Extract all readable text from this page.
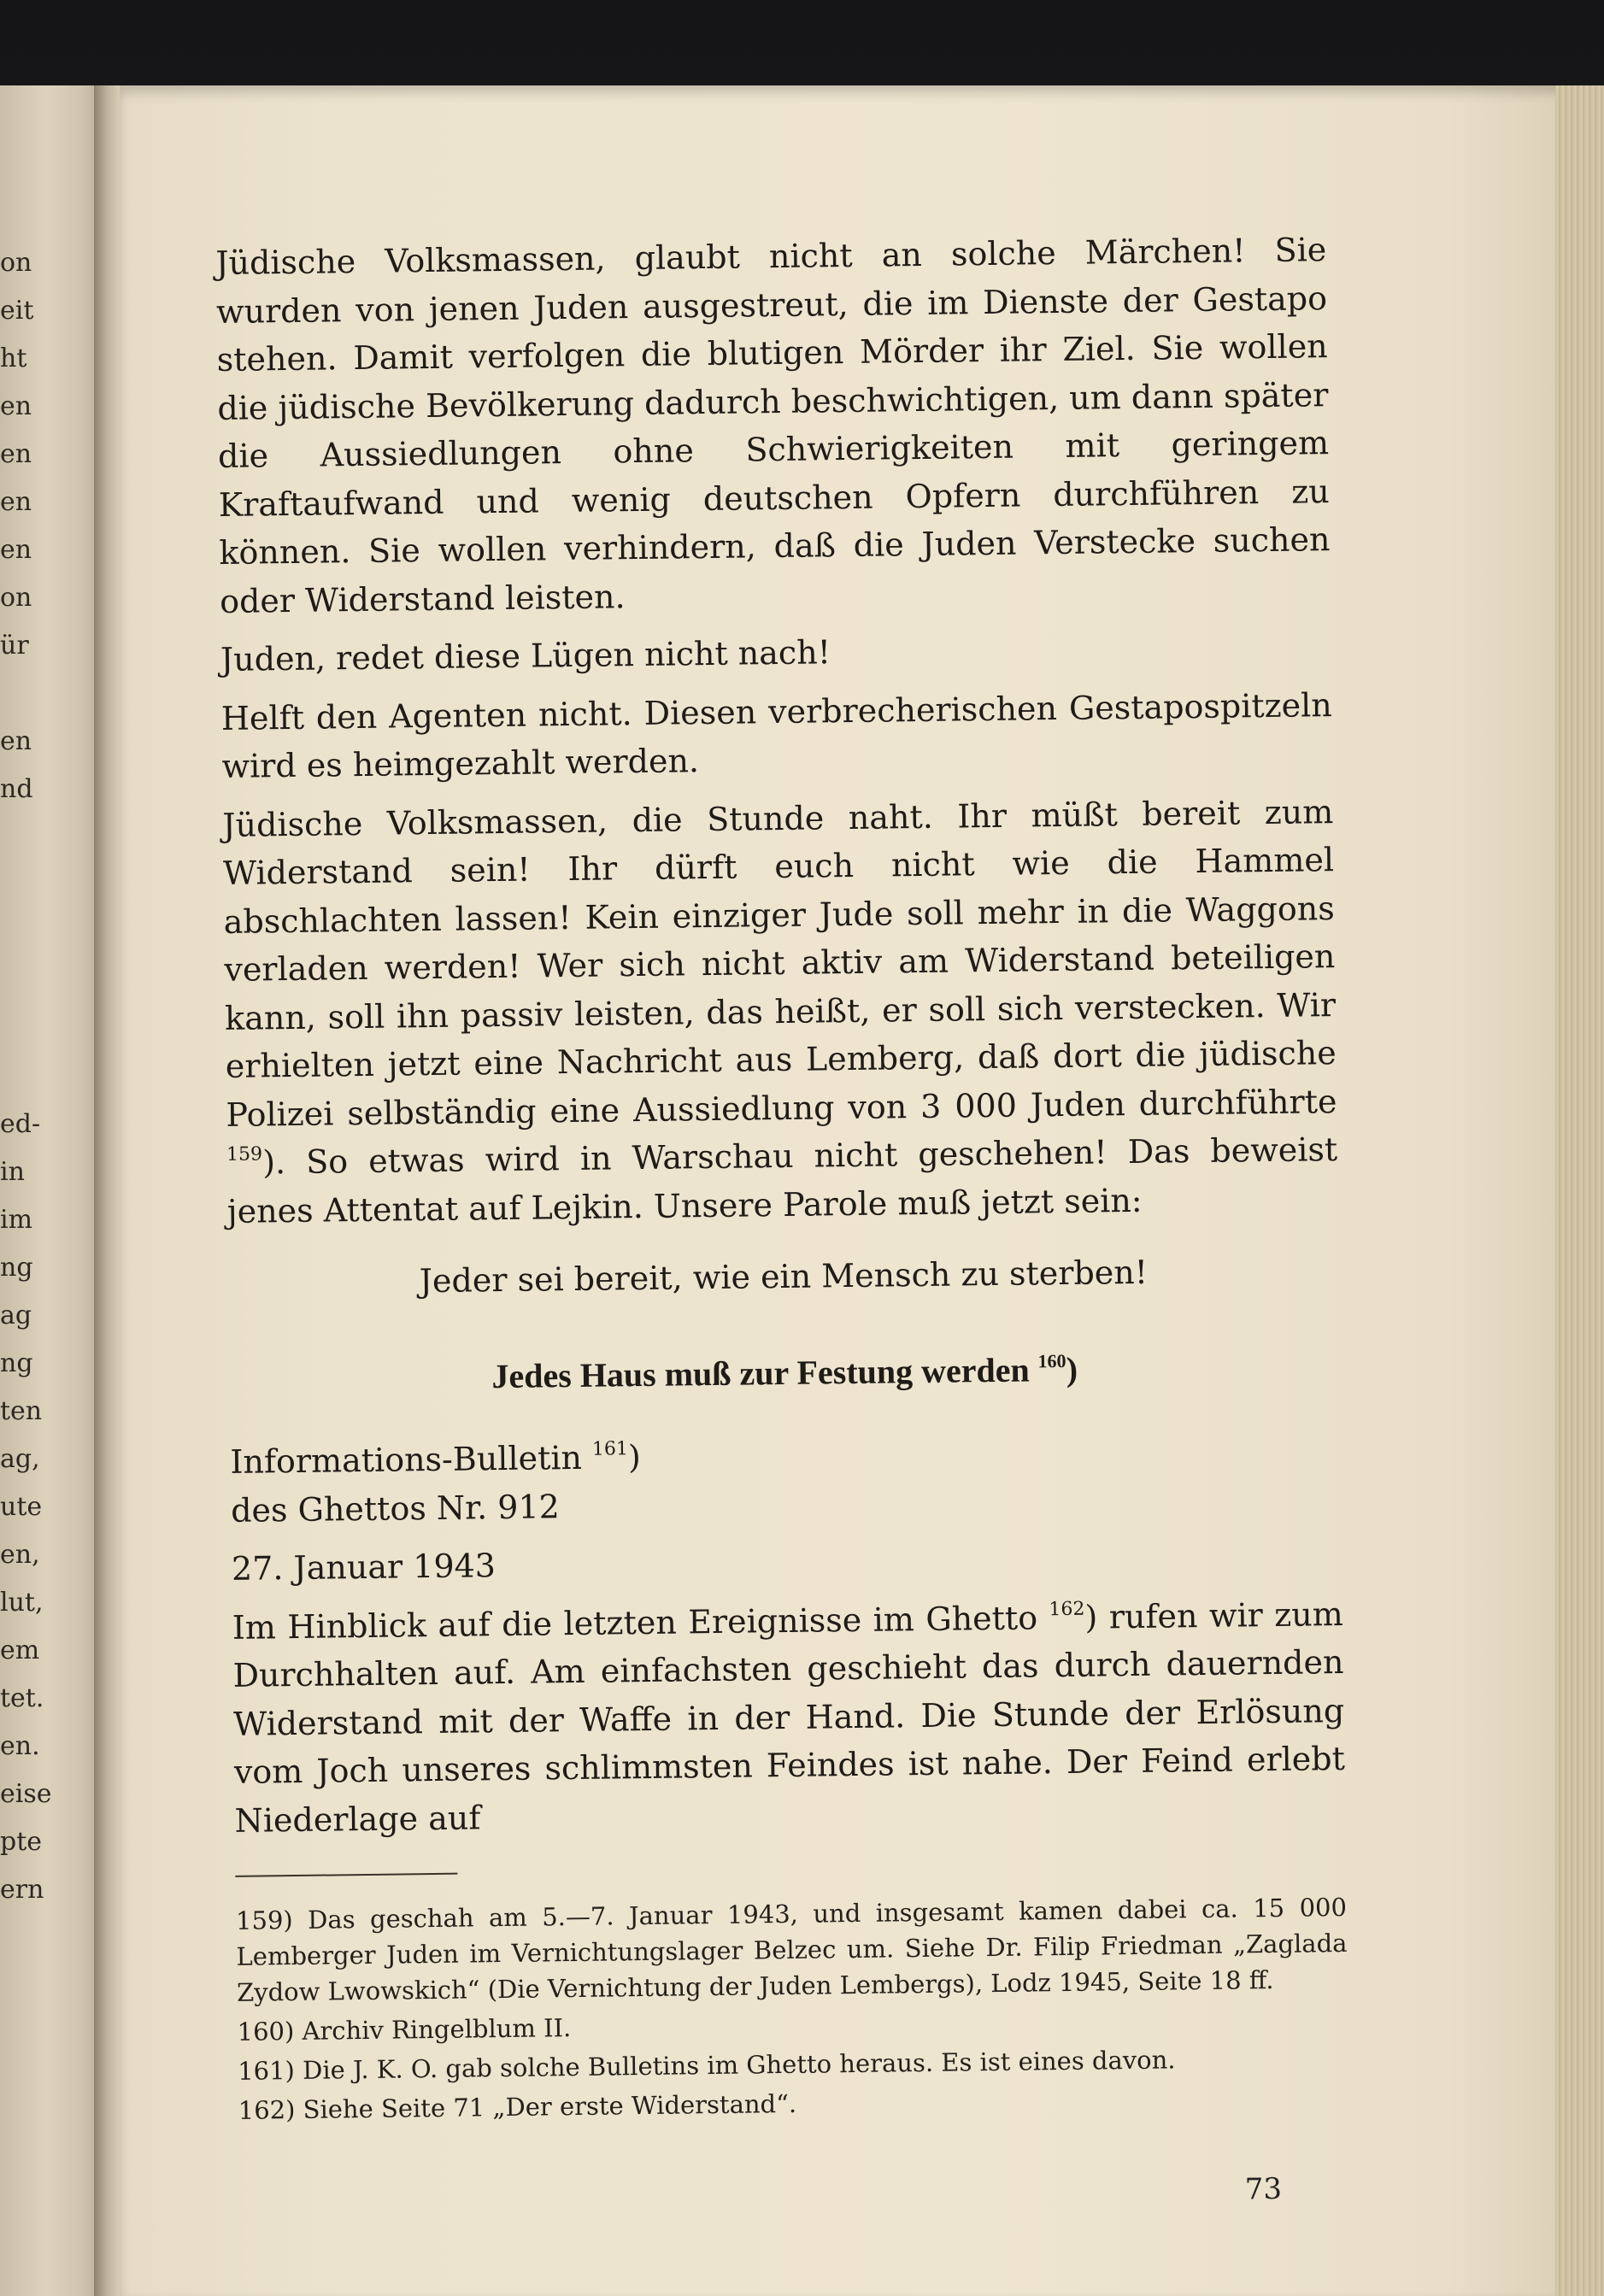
on
eit
ht
en
en
en
en
on
ür
en
nd
ed-
in
im
ng
ag
ng
ten
ag,
ute
en,
lut,
em
tet.
en.
eise
pte
ern

Jüdische Volksmassen, glaubt nicht an solche Märchen! Sie wurden von jenen Juden ausgestreut, die im Dienste der Gestapo stehen. Damit verfolgen die blutigen Mörder ihr Ziel. Sie wollen die jüdische Bevölkerung dadurch beschwichtigen, um dann später die Aussiedlungen ohne Schwierigkeiten mit geringem Kraftaufwand und wenig deutschen Opfern durchführen zu können. Sie wollen verhindern, daß die Juden Verstecke suchen oder Widerstand leisten.

Juden, redet diese Lügen nicht nach!

Helft den Agenten nicht. Diesen verbrecherischen Gestapospitzeln wird es heimgezahlt werden.

Jüdische Volksmassen, die Stunde naht. Ihr müßt bereit zum Widerstand sein! Ihr dürft euch nicht wie die Hammel abschlachten lassen! Kein einziger Jude soll mehr in die Waggons verladen werden! Wer sich nicht aktiv am Widerstand beteiligen kann, soll ihn passiv leisten, das heißt, er soll sich verstecken. Wir erhielten jetzt eine Nachricht aus Lemberg, daß dort die jüdische Polizei selbständig eine Aussiedlung von 3 000 Juden durchführte $^{159}$). So etwas wird in Warschau nicht geschehen! Das beweist jenes Attentat auf Lejkin. Unsere Parole muß jetzt sein:

Jeder sei bereit, wie ein Mensch zu sterben!

Jedes Haus muß zur Festung werden $^{160}$)

Informations-Bulletin $^{161}$)

des Ghettos Nr. 912

27. Januar 1943

Im Hinblick auf die letzten Ereignisse im Ghetto $^{162}$) rufen wir zum Durchhalten auf. Am einfachsten geschieht das durch dauernden Widerstand mit der Waffe in der Hand. Die Stunde der Erlösung vom Joch unseres schlimmsten Feindes ist nahe. Der Feind erlebt Niederlage auf

159) Das geschah am 5.—7. Januar 1943, und insgesamt kamen dabei ca. 15 000 Lemberger Juden im Vernichtungslager Belzec um. Siehe Dr. Filip Friedman „Zaglada Zydow Lwowskich“ (Die Vernichtung der Juden Lembergs), Lodz 1945, Seite 18 ff.

160) Archiv Ringelblum II.

161) Die J. K. O. gab solche Bulletins im Ghetto heraus. Es ist eines davon.

162) Siehe Seite 71 „Der erste Widerstand“.

73
